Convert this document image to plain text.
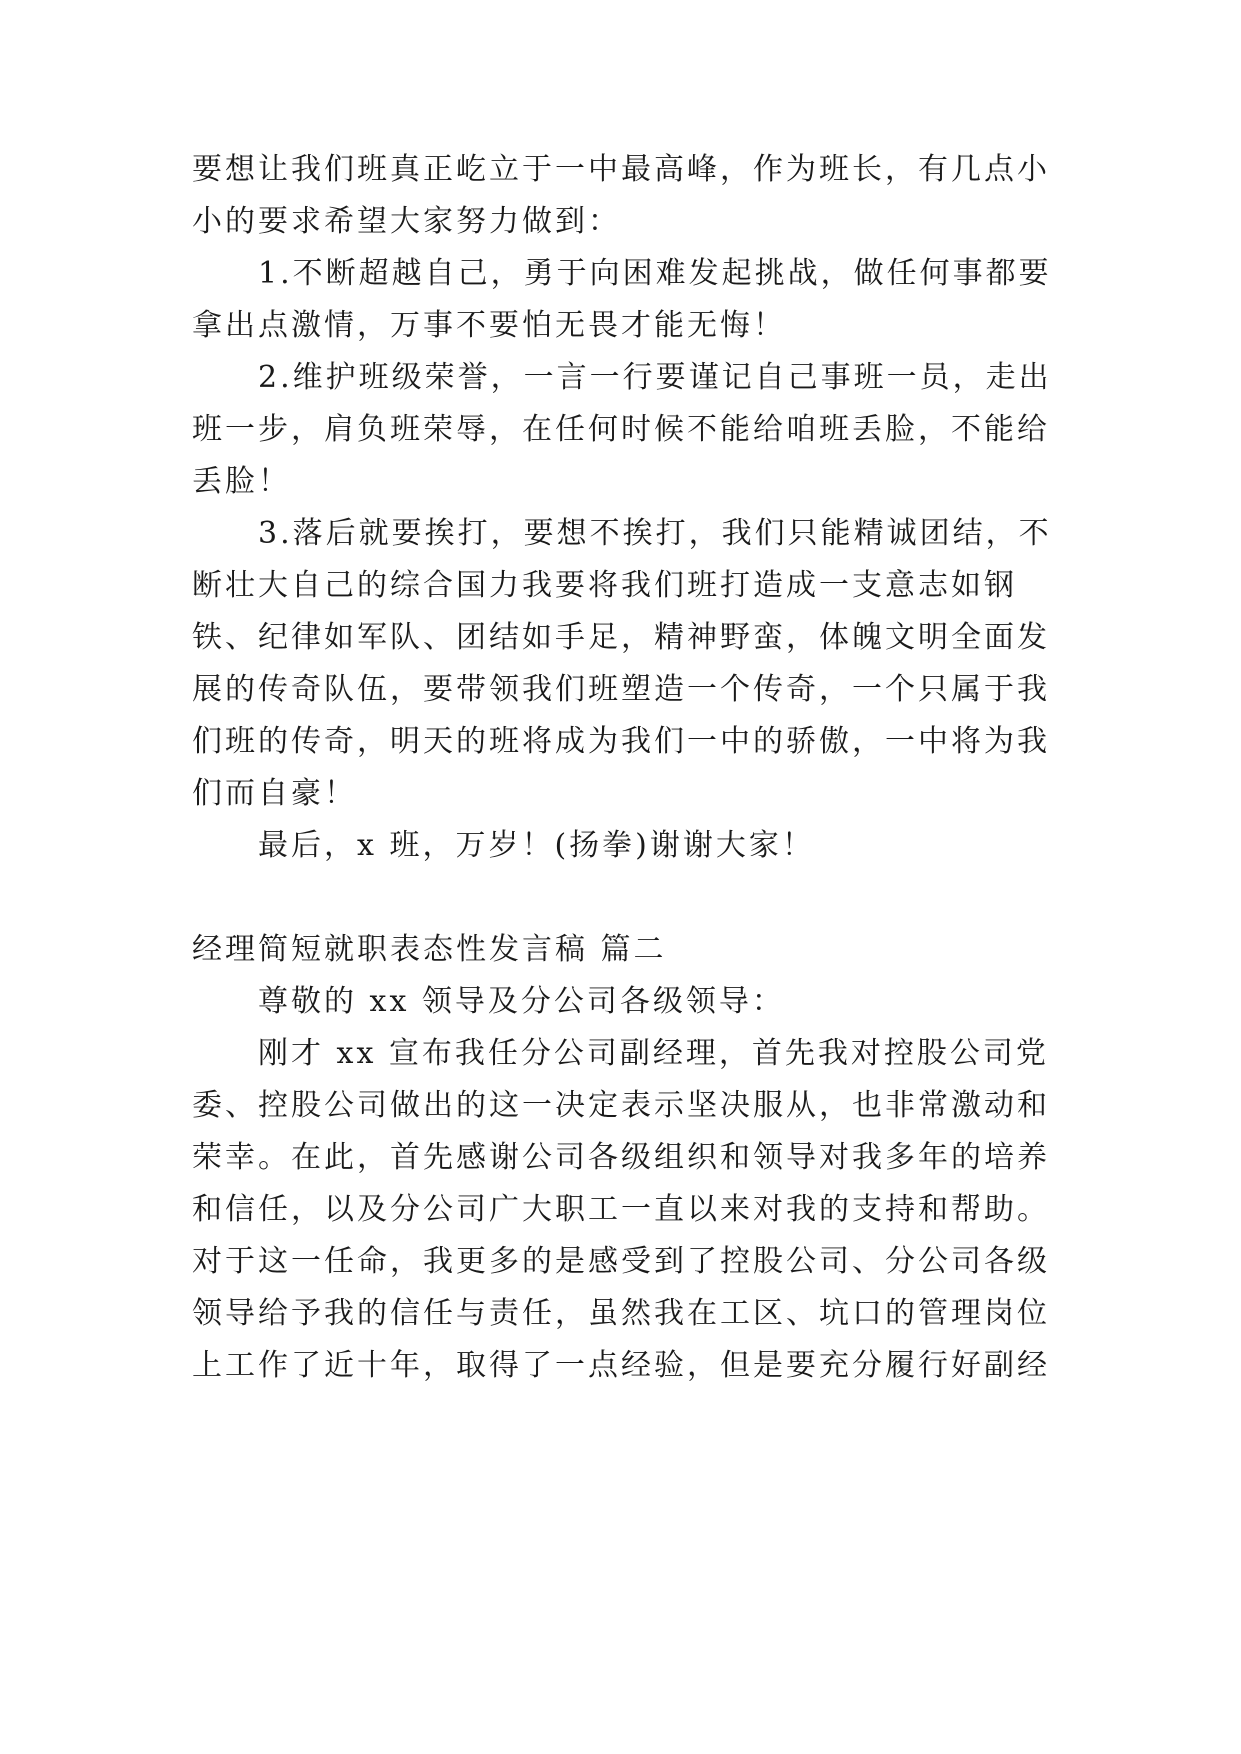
要想让我们班真正屹立于一中最高峰，作为班长，有几点小
小的要求希望大家努力做到：
1.不断超越自己，勇于向困难发起挑战，做任何事都要
拿出点激情，万事不要怕无畏才能无悔！
2.维护班级荣誉，一言一行要谨记自己事班一员，走出
班一步，肩负班荣辱，在任何时候不能给咱班丢脸，不能给
丢脸！
3.落后就要挨打，要想不挨打，我们只能精诚团结，不
断壮大自己的综合国力我要将我们班打造成一支意志如钢
铁、纪律如军队、团结如手足，精神野蛮，体魄文明全面发
展的传奇队伍，要带领我们班塑造一个传奇，一个只属于我
们班的传奇，明天的班将成为我们一中的骄傲，一中将为我
们而自豪！
最后，x 班，万岁！(扬拳)谢谢大家！
经理简短就职表态性发言稿 篇二
尊敬的 xx 领导及分公司各级领导：
刚才 xx 宣布我任分公司副经理，首先我对控股公司党
委、控股公司做出的这一决定表示坚决服从，也非常激动和
荣幸。在此，首先感谢公司各级组织和领导对我多年的培养
和信任，以及分公司广大职工一直以来对我的支持和帮助。
对于这一任命，我更多的是感受到了控股公司、分公司各级
领导给予我的信任与责任，虽然我在工区、坑口的管理岗位
上工作了近十年，取得了一点经验，但是要充分履行好副经
